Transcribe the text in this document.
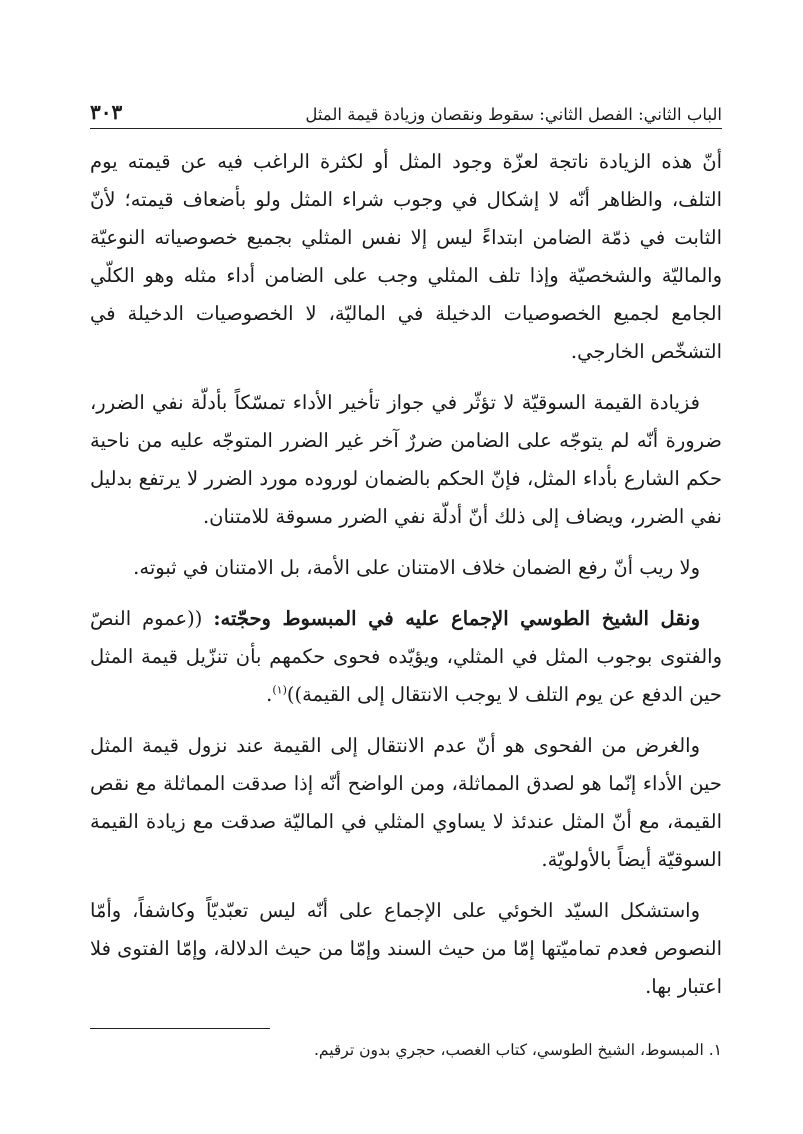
الباب الثاني: الفصل الثاني: سقوط ونقصان وزيادة قيمة المثل
٣٠٣

أنّ هذه الزيادة ناتجة لعزّة وجود المثل أو لكثرة الراغب فيه عن قيمته يوم التلف، والظاهر أنّه لا إشكال في وجوب شراء المثل ولو بأضعاف قيمته؛ لأنّ الثابت في ذمّة الضامن ابتداءً ليس إلا نفس المثلي بجميع خصوصياته النوعيّة والماليّة والشخصيّة وإذا تلف المثلي وجب على الضامن أداء مثله وهو الكلّي الجامع لجميع الخصوصيات الدخيلة في الماليّة، لا الخصوصيات الدخيلة في التشخّص الخارجي.

فزيادة القيمة السوقيّة لا تؤثّر في جواز تأخير الأداء تمسّكاً بأدلّة نفي الضرر، ضرورة أنّه لم يتوجّه على الضامن ضررٌ آخر غير الضرر المتوجّه عليه من ناحية حكم الشارع بأداء المثل، فإنّ الحكم بالضمان لوروده مورد الضرر لا يرتفع بدليل نفي الضرر، ويضاف إلى ذلك أنّ أدلّة نفي الضرر مسوقة للامتنان.

ولا ريب أنّ رفع الضمان خلاف الامتنان على الأمة، بل الامتنان في ثبوته.

ونقل الشيخ الطوسي الإجماع عليه في المبسوط وحجّته: ((عموم النصّ والفتوى بوجوب المثل في المثلي، ويؤيّده فحوى حكمهم بأن تنزّيل قيمة المثل حين الدفع عن يوم التلف لا يوجب الانتقال إلى القيمة))$^{(١)}$.

والغرض من الفحوى هو أنّ عدم الانتقال إلى القيمة عند نزول قيمة المثل حين الأداء إنّما هو لصدق المماثلة، ومن الواضح أنّه إذا صدقت المماثلة مع نقص القيمة، مع أنّ المثل عندئذ لا يساوي المثلي في الماليّة صدقت مع زيادة القيمة السوقيّة أيضاً بالأولويّة.

واستشكل السيّد الخوئي على الإجماع على أنّه ليس تعبّديّاً وكاشفاً، وأمّا النصوص فعدم تماميّتها إمّا من حيث السند وإمّا من حيث الدلالة، وإمّا الفتوى فلا اعتبار بها.

١. المبسوط، الشيخ الطوسي، كتاب الغصب، حجري بدون ترقيم.
